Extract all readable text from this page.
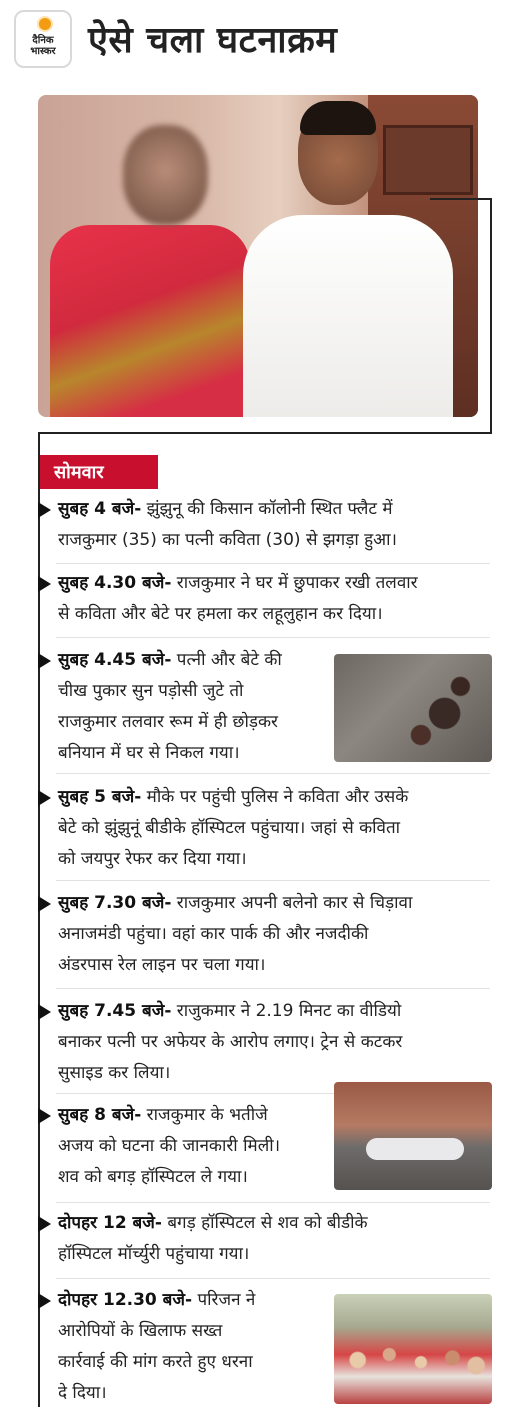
दैनिक
भास्कर ऐसे चला घटनाक्रम
सोमवार
सुबह 4 बजे- झुंझुनू की किसान कॉलोनी स्थित फ्लैट में
राजकुमार (35) का पत्नी कविता (30) से झगड़ा हुआ।
सुबह 4.30 बजे- राजकुमार ने घर में छुपाकर रखी तलवार
से कविता और बेटे पर हमला कर लहूलुहान कर दिया।
सुबह 4.45 बजे- पत्नी और बेटे की
चीख पुकार सुन पड़ोसी जुटे तो
राजकुमार तलवार रूम में ही छोड़कर
बनियान में घर से निकल गया।
सुबह 5 बजे- मौके पर पहुंची पुलिस ने कविता और उसके
बेटे को झुंझुनूं बीडीके हॉस्पिटल पहुंचाया। जहां से कविता
को जयपुर रेफर कर दिया गया।
सुबह 7.30 बजे- राजकुमार अपनी बलेनो कार से चिड़ावा
अनाजमंडी पहुंचा। वहां कार पार्क की और नजदीकी
अंडरपास रेल लाइन पर चला गया।
सुबह 7.45 बजे- राजुकमार ने 2.19 मिनट का वीडियो
बनाकर पत्नी पर अफेयर के आरोप लगाए। ट्रेन से कटकर
सुसाइड कर लिया।
सुबह 8 बजे- राजकुमार के भतीजे
अजय को घटना की जानकारी मिली।
शव को बगड़ हॉस्पिटल ले गया।
दोपहर 12 बजे- बगड़ हॉस्पिटल से शव को बीडीके
हॉस्पिटल मॉर्च्युरी पहुंचाया गया।
दोपहर 12.30 बजे- परिजन ने
आरोपियों के खिलाफ सख्त
कार्रवाई की मांग करते हुए धरना
दे दिया।
